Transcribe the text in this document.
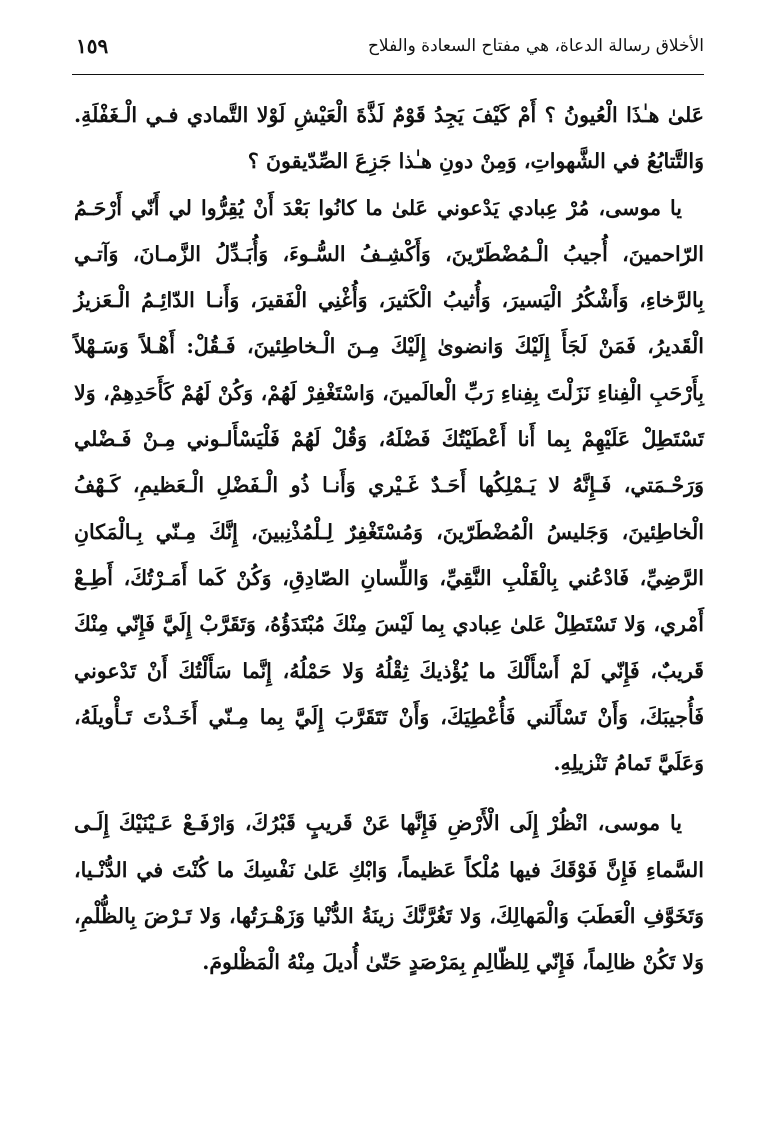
الأخلاق رسالة الدعاة، هي مفتاح السعادة والفلاح
١٥٩

عَلىٰ هـٰذَا الْعُيونُ ؟ أَمْ كَيْفَ يَجِدُ قَوْمٌ لَذَّةَ الْعَيْشِ لَوْلا التَّمادي فـي الْـغَفْلَةِ. وَالتَّتابُعُ في الشَّهواتِ، وَمِنْ دونِ هـٰذا جَزِعَ الصِّدّيقونَ ؟

يا موسى، مُرْ عِبادي يَدْعوني عَلىٰ ما كانُوا بَعْدَ أَنْ يُقِرُّوا لي أَنّي أَرْحَـمُ الرّاحمينَ، أُجيبُ الْـمُضْطَرّينَ، وَأَكْشِـفُ السُّـوءَ، وَأُبَـدِّلُ الزَّمـانَ، وَآتـي بِالرَّخاءِ، وَأَشْكُرُ الْيَسيرَ، وَأُثيبُ الْكَثيرَ، وَأُغْنِي الْفَقيرَ، وَأَنـا الدّائِـمُ الْـعَزيزُ الْقَديرُ، فَمَنْ لَجَأَ إِلَيْكَ وَانضوىٰ إِلَيْكَ مِـنَ الْـخاطِئينَ، فَـقُلْ: أَهْـلاً وَسَـهْلاً بِأَرْحَبِ الْفِناءِ نَزَلْتَ بِفِناءِ رَبِّ الْعالَمينَ، وَاسْتَغْفِرْ لَهُمْ، وَكُنْ لَهُمْ كَأَحَدِهِمْ، وَلا تَسْتَطِلْ عَلَيْهِمْ بِما أَنا أَعْطَيْتُكَ فَضْلَهُ، وَقُلْ لَهُمْ فَلْيَسْأَلـوني مِـنْ فَـضْلي وَرَحْـمَتي، فَـإِنَّهُ لا يَـمْلِكُها أَحَـدٌ غَـيْري وَأَنـا ذُو الْـفَضْلِ الْـعَظيمِ، كَـهْفُ الْخاطِئينَ، وَجَليسُ الْمُضْطَرّينَ، وَمُسْتَغْفِرٌ لِـلْمُذْنِبينَ، إِنَّكَ مِـنّي بِـالْمَكانِ الرَّضِيِّ، فَادْعُني بِالْقَلْبِ النَّقِيِّ، وَاللِّسانِ الصّادِقِ، وَكُنْ كَما أَمَـرْتُكَ، أَطِـعْ أَمْري، وَلا تَسْتَطِلْ عَلىٰ عِبادي بِما لَيْسَ مِنْكَ مُبْتَدَؤُهُ، وَتَقَرَّبْ إِلَيَّ فَإِنّي مِنْكَ قَريبٌ، فَإِنّي لَمْ أَسْأَلْكَ ما يُؤْذيكَ ثِقْلُهُ وَلا حَمْلُهُ، إِنَّما سَأَلْتُكَ أَنْ تَدْعوني فَأُجيبَكَ، وَأَنْ تَسْأَلَني فَأُعْطِيَكَ، وَأَنْ تَتَقَرَّبَ إِلَيَّ بِما مِـنّي أَخَـذْتَ تَـأْويلَهُ، وَعَلَيَّ تَمامُ تَنْزيلِهِ.

يا موسى، انْظُرْ إِلَى الْأَرْضِ فَإِنَّها عَنْ قَريبٍ قَبْرُكَ، وَارْفَـعْ عَـيْنَيْكَ إِلَـى السَّماءِ فَإِنَّ فَوْقَكَ فيها مُلْكاً عَظيماً، وَابْكِ عَلىٰ نَفْسِكَ ما كُنْتَ في الدُّنْـيا، وَتَخَوَّفِ الْعَطَبَ وَالْمَهالِكَ، وَلا تَغُرَّنَّكَ زينَةُ الدُّنْيا وَزَهْـرَتُها، وَلا تَـرْضَ بِالظُّلْمِ، وَلا تَكُنْ ظالِماً، فَإِنّي لِلظّالِمِ بِمَرْصَدٍ حَتّىٰ أُديلَ مِنْهُ الْمَظْلومَ.
